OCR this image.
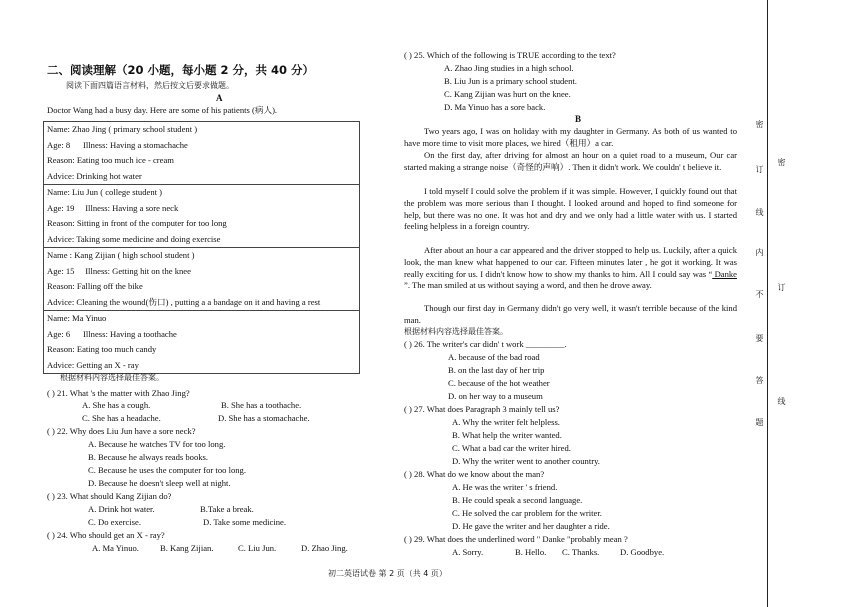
二、阅读理解（20 小题，每小题 2 分，共 40 分）
阅读下面四篇语言材料，然后按文后要求做题。
A
Doctor Wang had a busy day. Here are some of his patients (病人).
Name: Zhao Jing ( primary school student )
Age: 8      Illness: Having a stomachache
Reason: Eating too much ice - cream
Advice: Drinking hot water
Name: Liu Jun ( college student )
Age: 19     Illness: Having a sore neck
Reason: Sitting in front of the computer for too long
Advice: Taking some medicine and doing exercise
Name : Kang Zijian ( high school student )
Age: 15     Illness: Getting hit on the knee
Reason: Falling off the bike
Advice: Cleaning the wound(伤口) , putting a a bandage on it and having a rest
Name: Ma Yinuo
Age: 6      Illness: Having a toothache
Reason: Eating too much candy
Advice: Getting an X - ray
根据材料内容选择最佳答案。
( ) 21. What 's the matter with Zhao Jing?
A. She has a cough.	B. She has a toothache.
C. She has a headache.	D. She has a stomachache.
( ) 22. Why does Liu Jun have a sore neck?
A. Because he watches TV for too long.
B. Because he always reads books.
C. Because he uses the computer for too long.
D. Because he doesn't sleep well at night.
( ) 23. What should Kang Zijian do?
A. Drink hot water.	B.Take a break.
C. Do exercise.	D. Take some medicine.
( ) 24. Who should get an X - ray?
A. Ma Yinuo. B. Kang Zijian.	C. Liu Jun.	D. Zhao Jing.
( ) 25. Which of the following is TRUE according to the text?
A. Zhao Jing studies in a high school.
B. Liu Jun is a primary school student.
C. Kang Zijian was hurt on the knee.
D. Ma Yinuo has a sore back.
B
Two years ago, I was on holiday with my daughter in Germany. As both of us wanted to have more time to visit more places, we hired（租用）a car.
On the first day, after driving for almost an hour on a quiet road to a museum, Our car started making a strange noise（奇怪的声响）. Then it didn't work. We couldn' t believe it.
I told myself I could solve the problem if it was simple. However, I quickly found out that the problem was more serious than I thought. I looked around and hoped to find someone for help, but there was no one. It was hot and dry and we only had a little water with us. I started feeling helpless in a foreign country.
After about an hour a car appeared and the driver stopped to help us. Luckily, after a quick look, the man knew what happened to our car. Fifteen minutes later , he got it working. It was really exciting for us. I didn't know how to show my thanks to him. All I could say was “ Danke ”. The man smiled at us without saying a word, and then he drove away.
Though our first day in Germany didn't go very well, it wasn't terrible because of the kind man.
根据材料内容选择最佳答案。
( ) 26. The writer's car didn' t work _________.
A. because of the bad road
B. on the last day of her trip
C. because of the hot weather
D. on her way to a museum
( ) 27. What does Paragraph 3 mainly tell us?
A. Why the writer felt helpless.
B. What help the writer wanted.
C. What a bad car the writer hired.
D. Why the writer went to another country.
( ) 28. What do we know about the man?
A. He was the writer ' s friend.
B. He could speak a second language.
C. He solved the car problem for the writer.
D. He gave the writer and her daughter a ride.
( ) 29. What does the underlined word " Danke "probably mean ?
A. Sorry.	B. Hello. C. Thanks. D. Goodbye.
初二英语试卷 第 2 页（共 4 页）
密
订
线
内
不
要
答
题
密
订
线
